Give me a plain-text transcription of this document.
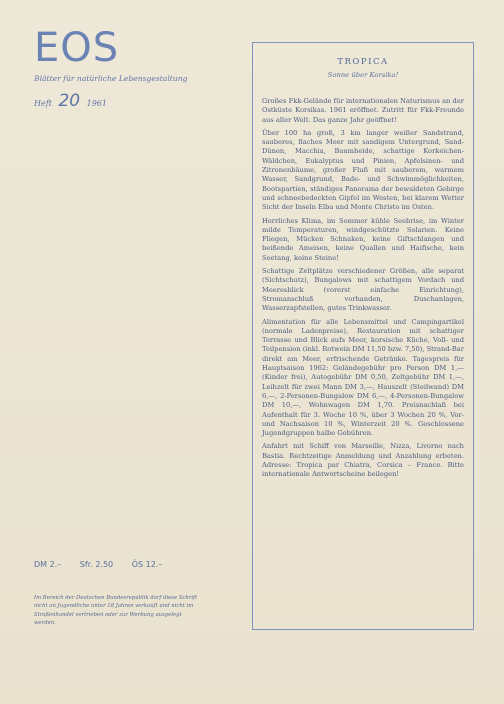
EOS
Blätter für natürliche Lebensgestaltung
Heft 20 1961
DM 2.– Sfr. 2.50 ÖS 12.–
Im Bereich der Deutschen Bundesrepublik darf diese Schrift nicht an Jugendliche unter 18 Jahren verkauft und nicht im Straßenhandel vertrieben oder zur Werbung ausgelegt werden.
TROPICA
Sonne über Korsika!

Großes Fkk-Gelände für internationalen Naturismus an der Ostküste Korsikas. 1961 eröffnet. Zutritt für Fkk-Freunde aus aller Welt. Das ganze Jahr geöffnet!

Über 100 ha groß, 3 km langer weißer Sandstrand, sauberes, flaches Meer mit sandigem Untergrund, Sand-Dünen, Macchia, Baumheide, schattige Korkeichen-Wäldchen, Eukalyptus und Pinien, Apfelsinen- und Zitronenbäume, großer Fluß mit sauberem, warmem Wasser, Sandgrund, Bade- und Schwimmöglichkeiten, Bootspartien, ständiges Panorama der bewaldeten Gebirge und schneebedeckten Gipfel im Westen, bei klarem Wetter Sicht der Inseln Elba und Monte Christo im Osten.

Herrliches Klima, im Sommer kühle Seebrise, im Winter milde Temperaturen, windgeschützte Solarien. Keine Fliegen, Mücken Schnaken, keine Giftschlangen und beißende Ameisen, keine Quallen und Haifische, kein Seetang, keine Steine!

Schattige Zeltplätze verschiedener Größen, alle separat (Sichtschutz), Bungalows mit schattigem Vordach und Meeresblick (vorerst einfache Einrichtung), Stromanschluß vorhanden, Duschanlagen, Wasserzapfstellen, gutes Trinkwasser.

Alimentation für alle Lebensmittel und Campingartikel (normale Ladenpreise), Restauration mit schattiger Terrasse und Blick aufs Meer, korsische Küche, Voll- und Teilpension (inkl. Rotwein DM 11,50 bzw. 7,50), Strand-Bar direkt am Meer, erfrischende Getränke. Tagespreis für Hauptsaison 1962: Geländegebühr pro Person DM 1,— (Kinder frei), Autogebühr DM 0,50, Zeltgebühr DM 1,—, Leihzelt für zwei Mann DM 3,—, Hauszelt (Steilwand) DM 6,—, 2-Personen-Bungalow DM 6,—, 4-Personen-Bungalow DM 10,—, Wohnwagen DM 1,70. Preisnachlaß bei Aufenthalt für 3. Woche 10 %, über 3 Wochen 20 %, Vor- und Nachsaison 10 %, Winterzeit 20 %. Geschlossene Jugendgruppen halbe Gebühren.

Anfahrt mit Schiff von Marseille, Nizza, Livorno nach Bastia. Rechtzeitige Anmeldung und Anzahlung erbeten. Adresse: Tropica par Chiatra, Corsica – France. Bitte internationale Antwortscheine beilegen!
